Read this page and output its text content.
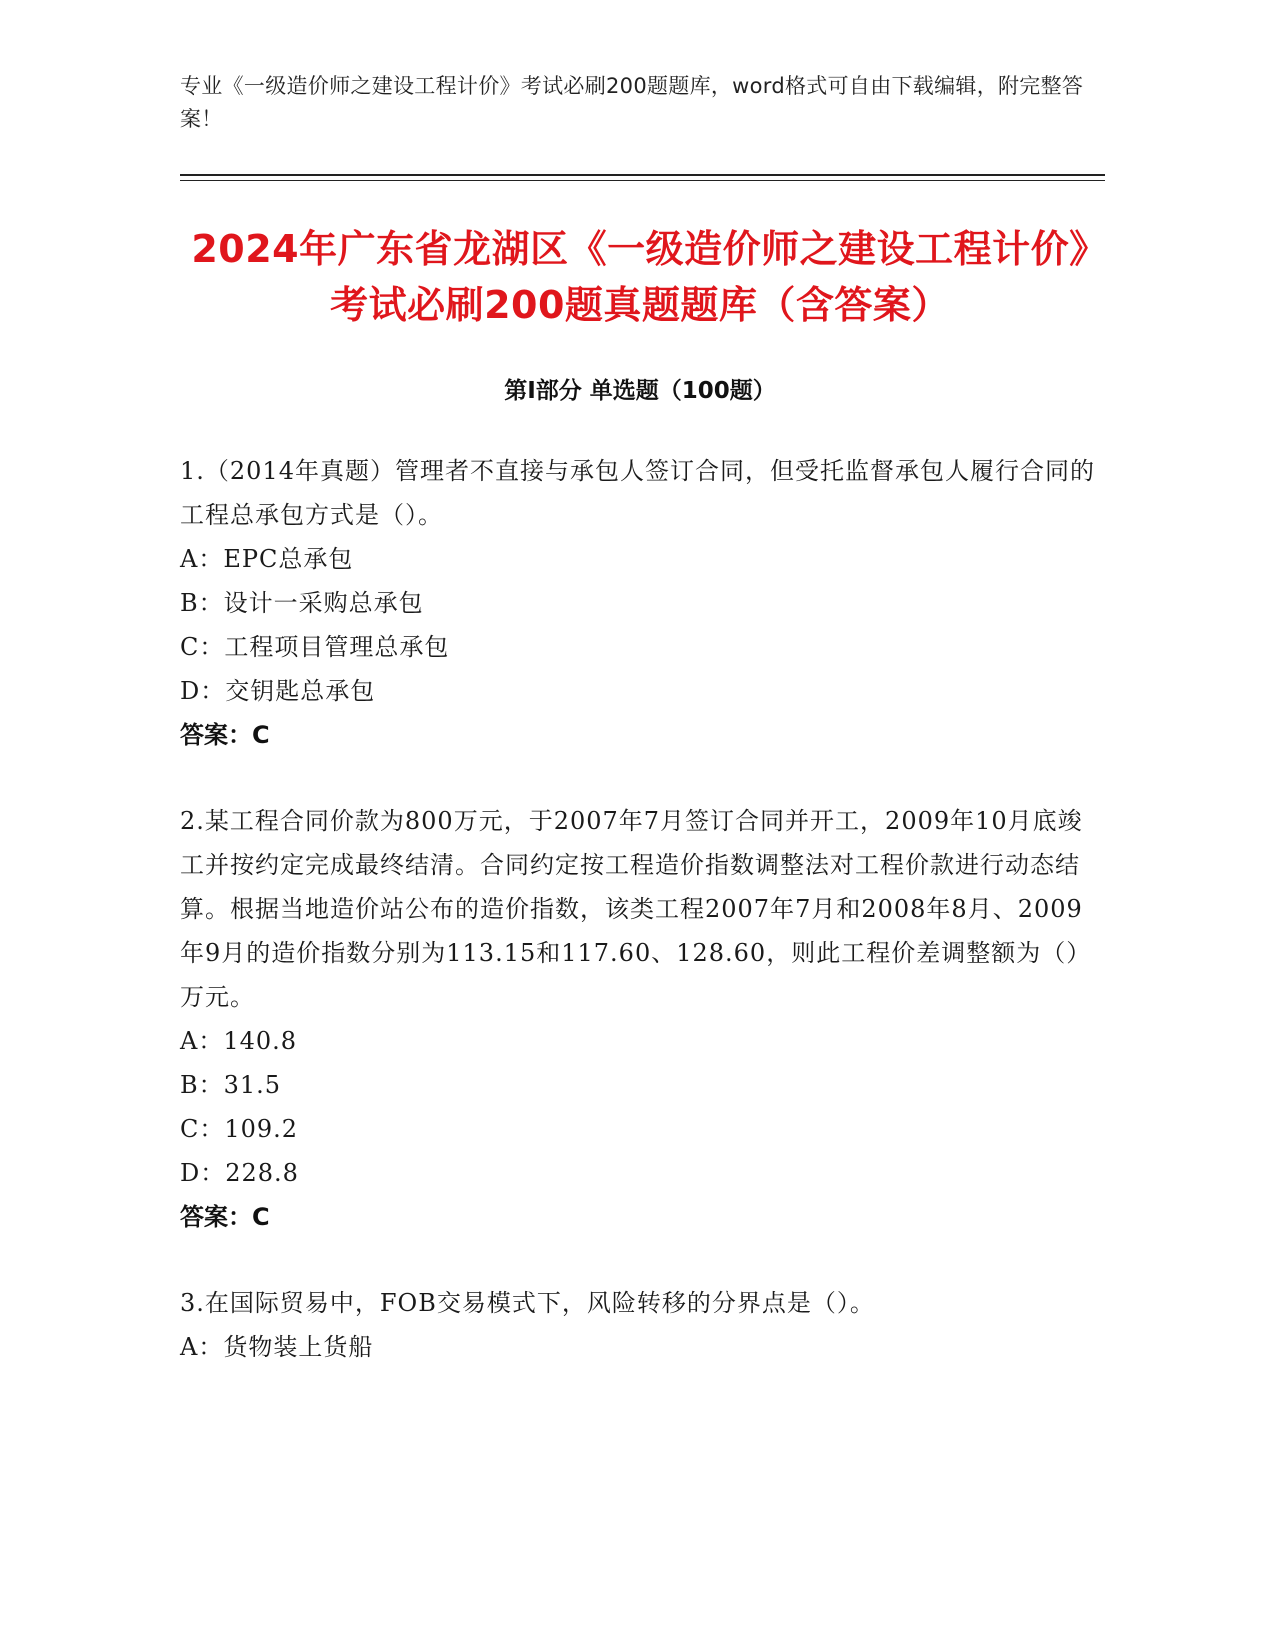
专业《一级造价师之建设工程计价》考试必刷200题题库，word格式可自由下载编辑，附完整答案！
2024年广东省龙湖区《一级造价师之建设工程计价》考试必刷200题真题题库（含答案）
第I部分 单选题（100题）
1.（2014年真题）管理者不直接与承包人签订合同，但受托监督承包人履行合同的工程总承包方式是（）。
A：EPC总承包
B：设计一采购总承包
C：工程项目管理总承包
D：交钥匙总承包
答案：C
2.某工程合同价款为800万元，于2007年7月签订合同并开工，2009年10月底竣工并按约定完成最终结清。合同约定按工程造价指数调整法对工程价款进行动态结算。根据当地造价站公布的造价指数，该类工程2007年7月和2008年8月、2009年9月的造价指数分别为113.15和117.60、128.60，则此工程价差调整额为（）万元。
A：140.8
B：31.5
C：109.2
D：228.8
答案：C
3.在国际贸易中，FOB交易模式下，风险转移的分界点是（）。
A：货物装上货船
